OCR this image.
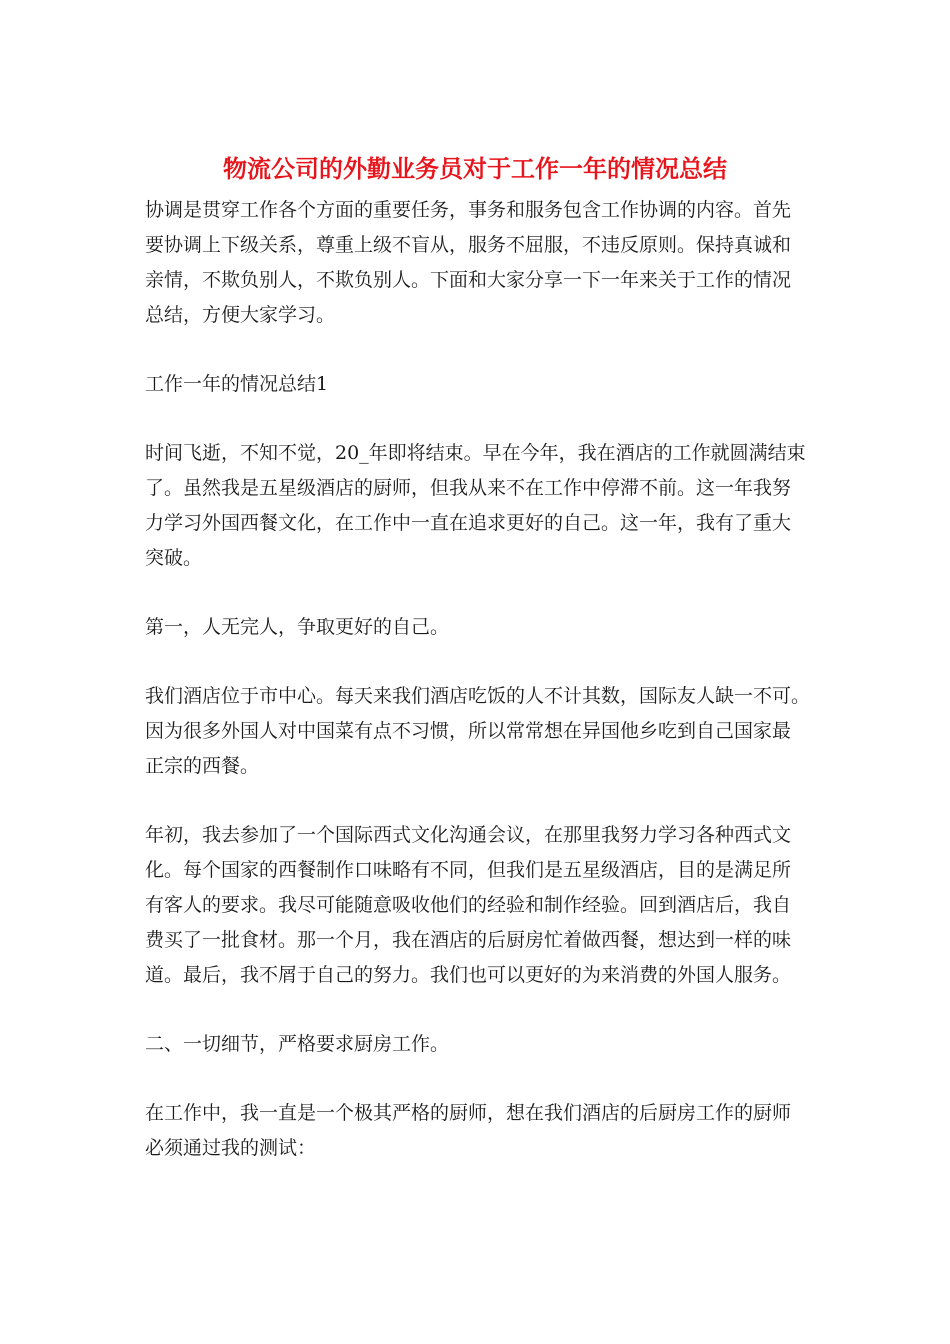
物流公司的外勤业务员对于工作一年的情况总结

协调是贯穿工作各个方面的重要任务，事务和服务包含工作协调的内容。首先
要协调上下级关系，尊重上级不盲从，服务不屈服，不违反原则。保持真诚和
亲情，不欺负别人，不欺负别人。下面和大家分享一下一年来关于工作的情况
总结，方便大家学习。

工作一年的情况总结1

时间飞逝，不知不觉，20_年即将结束。早在今年，我在酒店的工作就圆满结束
了。虽然我是五星级酒店的厨师，但我从来不在工作中停滞不前。这一年我努
力学习外国西餐文化，在工作中一直在追求更好的自己。这一年，我有了重大
突破。

第一，人无完人，争取更好的自己。

我们酒店位于市中心。每天来我们酒店吃饭的人不计其数，国际友人缺一不可。
因为很多外国人对中国菜有点不习惯，所以常常想在异国他乡吃到自己国家最
正宗的西餐。

年初，我去参加了一个国际西式文化沟通会议，在那里我努力学习各种西式文
化。每个国家的西餐制作口味略有不同，但我们是五星级酒店，目的是满足所
有客人的要求。我尽可能随意吸收他们的经验和制作经验。回到酒店后，我自
费买了一批食材。那一个月，我在酒店的后厨房忙着做西餐，想达到一样的味
道。最后，我不屑于自己的努力。我们也可以更好的为来消费的外国人服务。

二、一切细节，严格要求厨房工作。

在工作中，我一直是一个极其严格的厨师，想在我们酒店的后厨房工作的厨师
必须通过我的测试：
